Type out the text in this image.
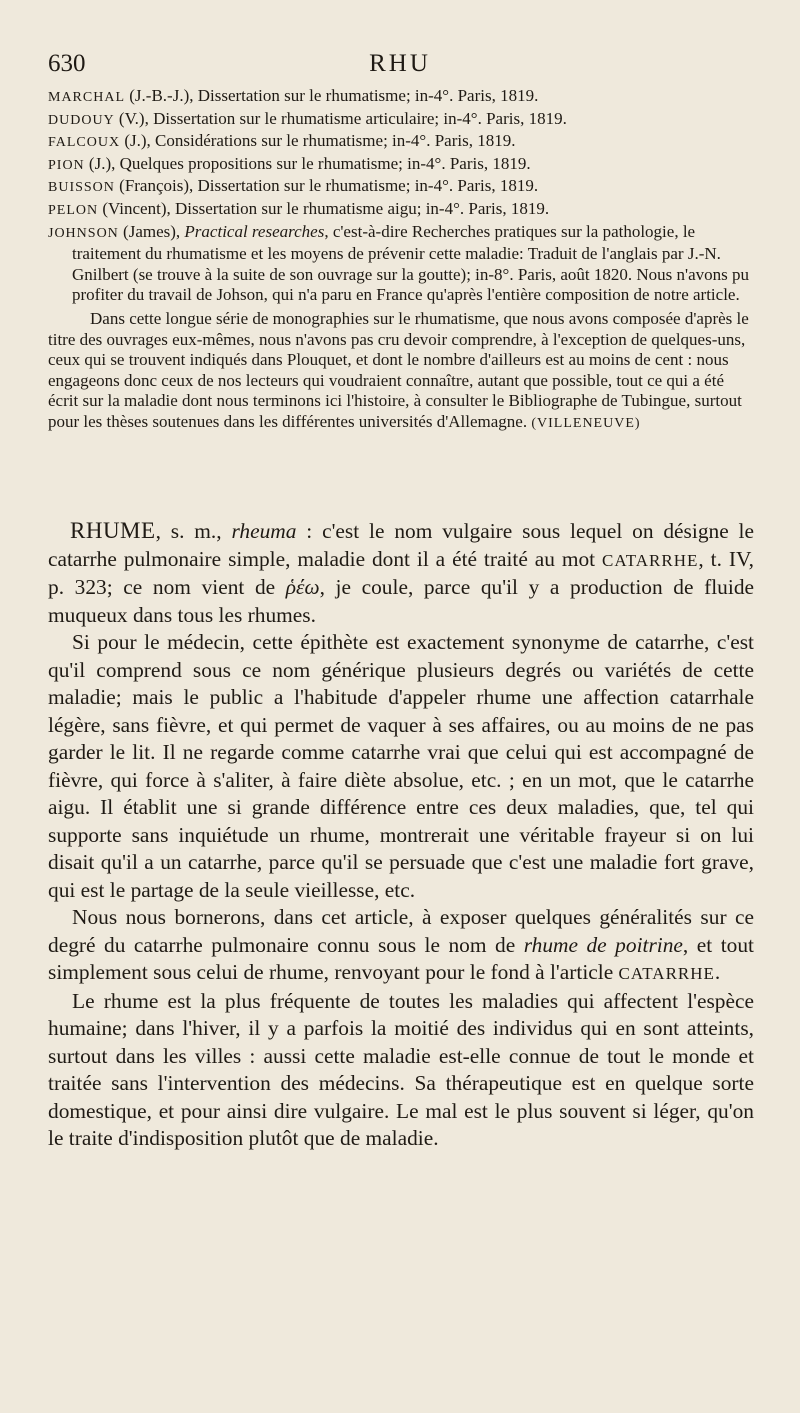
630	RHU

MARCHAL (J.-B.-J.), Dissertation sur le rhumatisme; in-4°. Paris, 1819.

DUDOUY (V.), Dissertation sur le rhumatisme articulaire; in-4°. Paris, 1819.

FALCOUX (J.), Considérations sur le rhumatisme; in-4°. Paris, 1819.

PION (J.), Quelques propositions sur le rhumatisme; in-4°. Paris, 1819.

BUISSON (François), Dissertation sur le rhumatisme; in-4°. Paris, 1819.

PELON (Vincent), Dissertation sur le rhumatisme aigu; in-4°. Paris, 1819.

JOHNSON (James), Practical researches, c'est-à-dire Recherches pratiques sur la pathologie, le traitement du rhumatisme et les moyens de prévenir cette maladie: Traduit de l'anglais par J.-N. Gnilbert (se trouve à la suite de son ouvrage sur la goutte); in-8°. Paris, août 1820. Nous n'avons pu profiter du travail de Johson, qui n'a paru en France qu'après l'entière composition de notre article.

Dans cette longue série de monographies sur le rhumatisme, que nous avons composée d'après le titre des ouvrages eux-mêmes, nous n'avons pas cru devoir comprendre, à l'exception de quelques-uns, ceux qui se trouvent indiqués dans Plouquet, et dont le nombre d'ailleurs est au moins de cent : nous engageons donc ceux de nos lecteurs qui voudraient connaître, autant que possible, tout ce qui a été écrit sur la maladie dont nous terminons ici l'histoire, à consulter le Bibliographe de Tubingue, surtout pour les thèses soutenues dans les différentes universités d'Allemagne. (VILLENEUVE)

RHUME, s. m., rheuma : c'est le nom vulgaire sous lequel on désigne le catarrhe pulmonaire simple, maladie dont il a été traité au mot CATARRHE, t. IV, p. 323; ce nom vient de ῥέω, je coule, parce qu'il y a production de fluide muqueux dans tous les rhumes.

Si pour le médecin, cette épithète est exactement synonyme de catarrhe, c'est qu'il comprend sous ce nom générique plusieurs degrés ou variétés de cette maladie; mais le public a l'habitude d'appeler rhume une affection catarrhale légère, sans fièvre, et qui permet de vaquer à ses affaires, ou au moins de ne pas garder le lit. Il ne regarde comme catarrhe vrai que celui qui est accompagné de fièvre, qui force à s'aliter, à faire diète absolue, etc. ; en un mot, que le catarrhe aigu. Il établit une si grande différence entre ces deux maladies, que, tel qui supporte sans inquiétude un rhume, montrerait une véritable frayeur si on lui disait qu'il a un catarrhe, parce qu'il se persuade que c'est une maladie fort grave, qui est le partage de la seule vieillesse, etc.

Nous nous bornerons, dans cet article, à exposer quelques généralités sur ce degré du catarrhe pulmonaire connu sous le nom de rhume de poitrine, et tout simplement sous celui de rhume, renvoyant pour le fond à l'article CATARRHE.

Le rhume est la plus fréquente de toutes les maladies qui affectent l'espèce humaine; dans l'hiver, il y a parfois la moitié des individus qui en sont atteints, surtout dans les villes : aussi cette maladie est-elle connue de tout le monde et traitée sans l'intervention des médecins. Sa thérapeutique est en quelque sorte domestique, et pour ainsi dire vulgaire. Le mal est le plus souvent si léger, qu'on le traite d'indisposition plutôt que de maladie.
